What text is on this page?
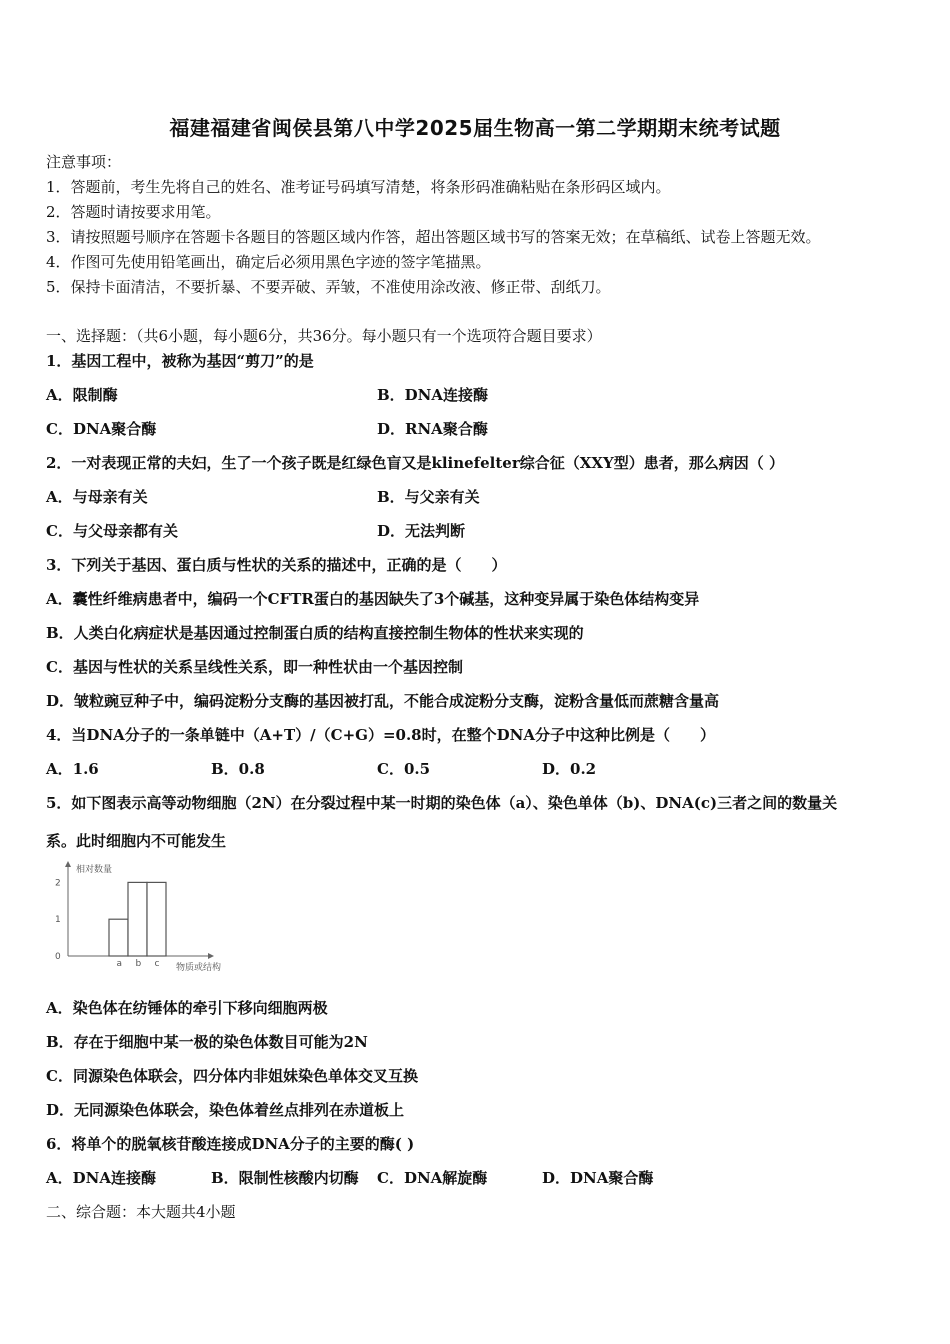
福建福建省闽侯县第八中学2025届生物高一第二学期期末统考试题
注意事项：
1．答题前，考生先将自己的姓名、准考证号码填写清楚，将条形码准确粘贴在条形码区域内。
2．答题时请按要求用笔。
3．请按照题号顺序在答题卡各题目的答题区域内作答，超出答题区域书写的答案无效；在草稿纸、试卷上答题无效。
4．作图可先使用铅笔画出，确定后必须用黑色字迹的签字笔描黑。
5．保持卡面清洁，不要折暴、不要弄破、弄皱，不准使用涂改液、修正带、刮纸刀。
一、选择题：（共6小题，每小题6分，共36分。每小题只有一个选项符合题目要求）
1．基因工程中，被称为基因“剪刀”的是
A．限制酶	B．DNA连接酶
C．DNA聚合酶	D．RNA聚合酶
2．一对表现正常的夫妇，生了一个孩子既是红绿色盲又是klinefelter综合征（XXY型）患者，那么病因（ ）
A．与母亲有关	B．与父亲有关
C．与父母亲都有关	D．无法判断
3．下列关于基因、蛋白质与性状的关系的描述中，正确的是（　　）
A．囊性纤维病患者中，编码一个CFTR蛋白的基因缺失了3个碱基，这种变异属于染色体结构变异
B．人类白化病症状是基因通过控制蛋白质的结构直接控制生物体的性状来实现的
C．基因与性状的关系呈线性关系，即一种性状由一个基因控制
D．皱粒豌豆种子中，编码淀粉分支酶的基因被打乱，不能合成淀粉分支酶，淀粉含量低而蔗糖含量高
4．当DNA分子的一条单链中（A+T）/（C+G）=0.8时，在整个DNA分子中这种比例是（　　）
A．1.6	B．0.8	C．0.5	D．0.2
5．如下图表示高等动物细胞（2N）在分裂过程中某一时期的染色体（a）、染色单体（b)、DNA(c)三者之间的数量关
系。此时细胞内不可能发生
相对数量
物质或结构
0
1
2
a b c
A．染色体在纺锤体的牵引下移向细胞两极
B．存在于细胞中某一极的染色体数目可能为2N
C．同源染色体联会，四分体内非姐妹染色单体交叉互换
D．无同源染色体联会，染色体着丝点排列在赤道板上
6．将单个的脱氧核苷酸连接成DNA分子的主要的酶( )
A．DNA连接酶	B．限制性核酸内切酶 C．DNA解旋酶	D．DNA聚合酶
二、综合题：本大题共4小题
